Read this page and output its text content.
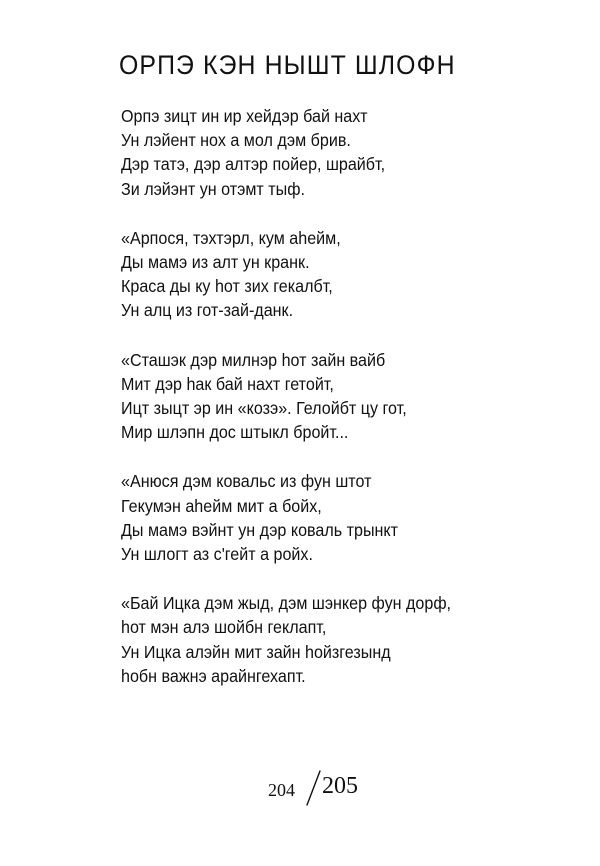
ОРПЭ КЭН НЫШТ ШЛОФН
Орпэ зицт ин ир хейдэр бай нахт
Ун лэйент нох а мол дэм брив.
Дэр татэ, дэр алтэр пойер, шрайбт,
Зи лэйэнт ун отэмт тыф.
«Арпося, тэхтэрл, кум аheйм,
Ды мамэ из алт ун кранк.
Краса ды ку hот зих гекалбт,
Ун алц из гот-зай-данк.
«Сташэк дэр милнэр hот зайн вайб
Мит дэр hак бай нахт гетойт,
Ицт зыцт эр ин «козэ». Гелойбт цу гот,
Мир шлэпн дос штыкл бройт...
«Анюся дэм ковальс из фун штот
Гекумэн аheйм мит а бойх,
Ды мамэ вэйнт ун дэр коваль трынкт
Ун шлогт аз с'гейт а ройх.
«Бай Ицка дэм жыд, дэм шэнкер фун дорф,
hот мэн алэ шойбн геклапт,
Ун Ицка алэйн мит зайн hойзгезынд
hобн важнэ арайнгехапт.
204 205
